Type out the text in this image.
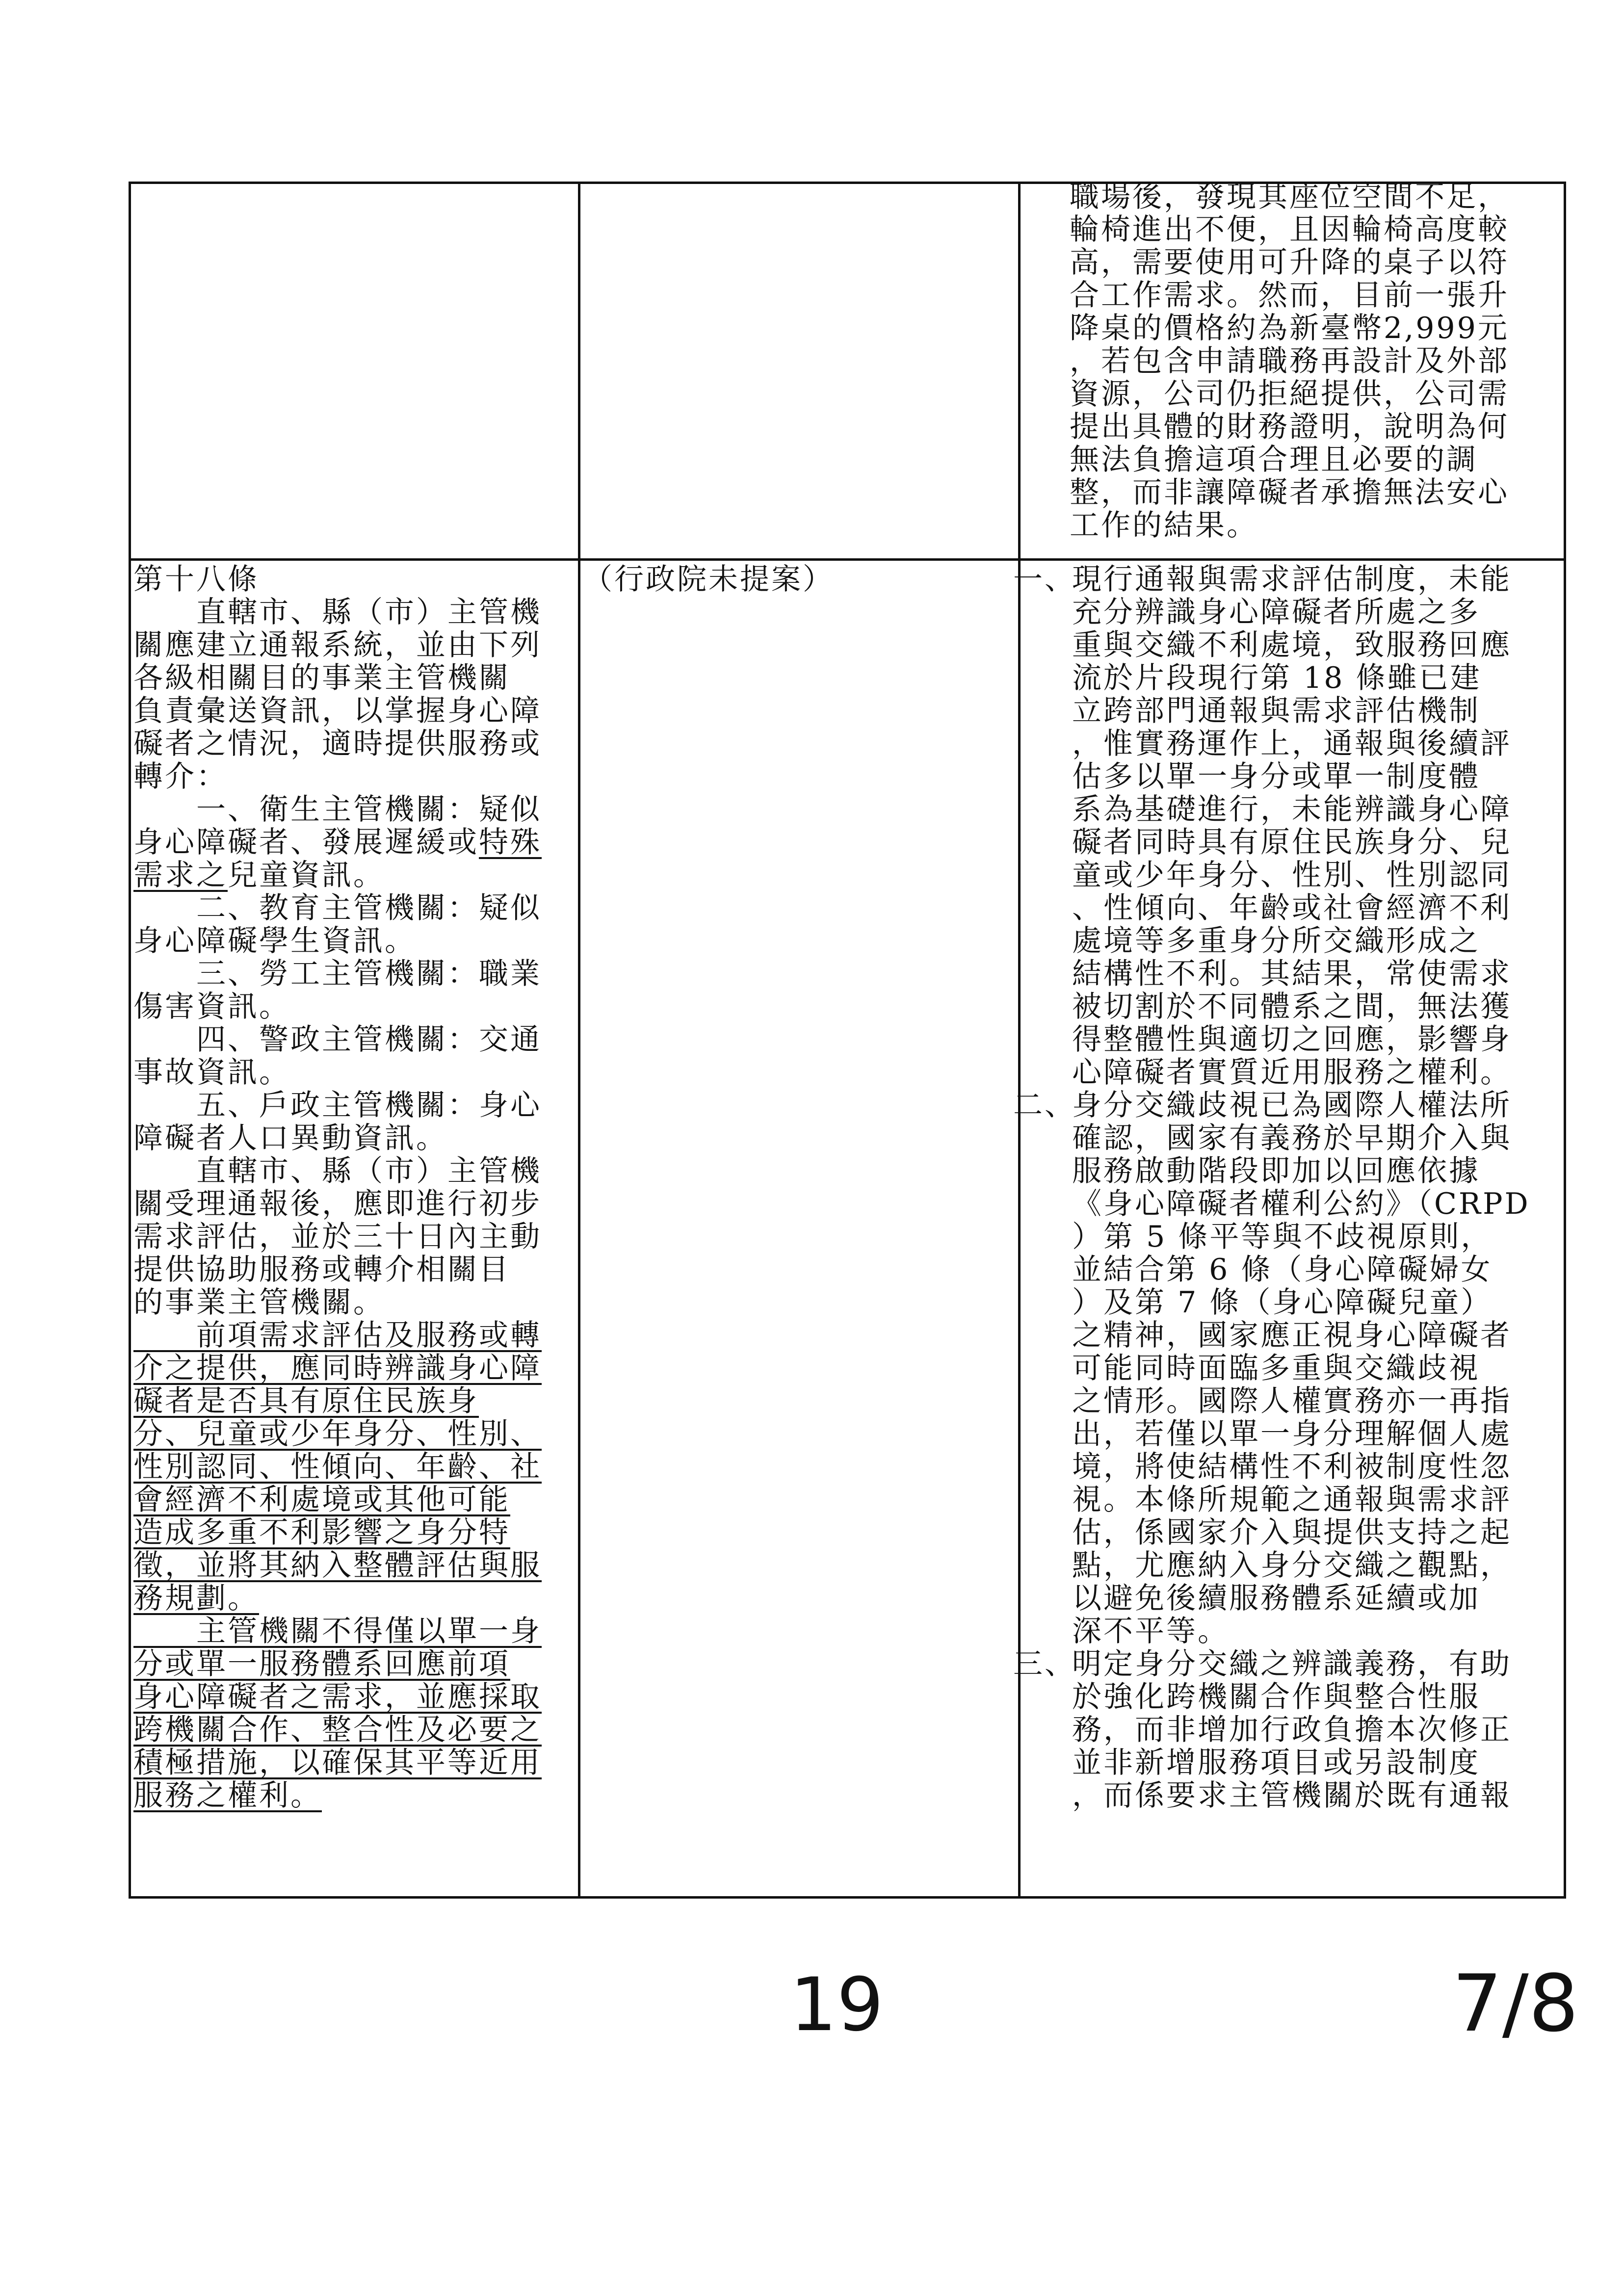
職場後，發現其座位空間不足，
輪椅進出不便，且因輪椅高度較
高，需要使用可升降的桌子以符
合工作需求。然而，目前一張升
降桌的價格約為新臺幣2,999元
，若包含申請職務再設計及外部
資源，公司仍拒絕提供，公司需
提出具體的財務證明，說明為何
無法負擔這項合理且必要的調
整，而非讓障礙者承擔無法安心
工作的結果。
第十八條
　　直轄市、縣（市）主管機
關應建立通報系統，並由下列
各級相關目的事業主管機關
負責彙送資訊，以掌握身心障
礙者之情況，適時提供服務或
轉介：
　　一、衛生主管機關：疑似
身心障礙者、發展遲緩或特殊
需求之兒童資訊。
　　二、教育主管機關：疑似
身心障礙學生資訊。
　　三、勞工主管機關：職業
傷害資訊。
　　四、警政主管機關：交通
事故資訊。
　　五、戶政主管機關：身心
障礙者人口異動資訊。
　　直轄市、縣（市）主管機
關受理通報後，應即進行初步
需求評估，並於三十日內主動
提供協助服務或轉介相關目
的事業主管機關。
　　前項需求評估及服務或轉
介之提供，應同時辨識身心障
礙者是否具有原住民族身
分、兒童或少年身分、性別、
性別認同、性傾向、年齡、社
會經濟不利處境或其他可能
造成多重不利影響之身分特
徵，並將其納入整體評估與服
務規劃。
　　主管機關不得僅以單一身
分或單一服務體系回應前項
身心障礙者之需求，並應採取
跨機關合作、整合性及必要之
積極措施，以確保其平等近用
服務之權利。
（行政院未提案）	一、
現行通報與需求評估制度，未能
充分辨識身心障礙者所處之多
重與交織不利處境，致服務回應
流於片段現行第 18 條雖已建
立跨部門通報與需求評估機制
，惟實務運作上，通報與後續評
估多以單一身分或單一制度體
系為基礎進行，未能辨識身心障
礙者同時具有原住民族身分、兒
童或少年身分、性別、性別認同
、性傾向、年齡或社會經濟不利
處境等多重身分所交織形成之
結構性不利。其結果，常使需求
被切割於不同體系之間，無法獲
得整體性與適切之回應，影響身
心障礙者實質近用服務之權利。
二、
身分交織歧視已為國際人權法所
確認，國家有義務於早期介入與
服務啟動階段即加以回應依據
《身心障礙者權利公約》（CRPD
）第 5 條平等與不歧視原則，
並結合第 6 條（身心障礙婦女
）及第 7 條（身心障礙兒童）
之精神，國家應正視身心障礙者
可能同時面臨多重與交織歧視
之情形。國際人權實務亦一再指
出，若僅以單一身分理解個人處
境，將使結構性不利被制度性忽
視。本條所規範之通報與需求評
估，係國家介入與提供支持之起
點，尤應納入身分交織之觀點，
以避免後續服務體系延續或加
深不平等。
三、
明定身分交織之辨識義務，有助
於強化跨機關合作與整合性服
務，而非增加行政負擔本次修正
並非新增服務項目或另設制度
，而係要求主管機關於既有通報
19	7/8
